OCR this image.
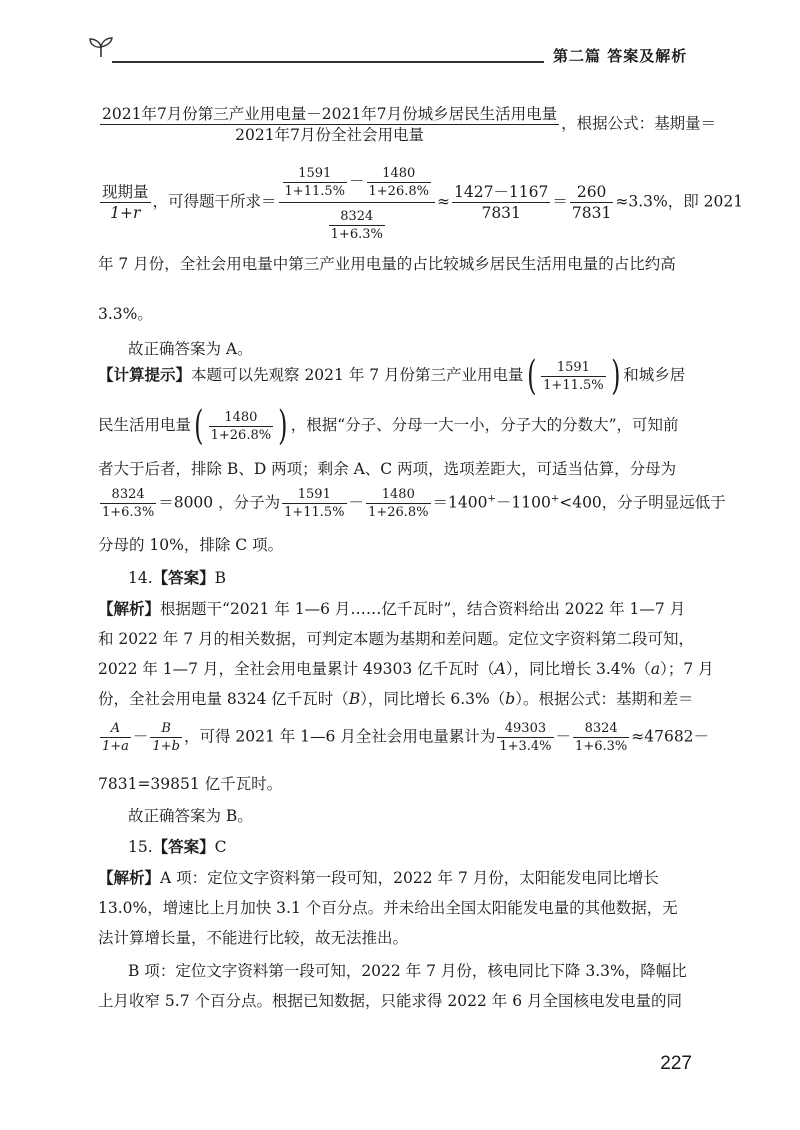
第二篇 答案及解析
$\frac{\text{2021年7月份第三产业用电量－2021年7月份城乡居民生活用电量}}{\text{2021年7月份全社会用电量}}$ ，根据公式：基期量＝
$\frac{\text{现期量}}{1+r}$ ，可得题干所求＝
$\frac{1591}{1+11.5\%} - \frac{1480}{1+26.8\%}$
$\frac{8324}{1+6.3\%}$
≈ $\frac{1427-1167}{7831} = \frac{260}{7831} \approx 3.3\%$，即 2021
年 7 月份，全社会用电量中第三产业用电量的占比较城乡居民生活用电量的占比约高
3.3%。
故正确答案为 A。
【计算提示】本题可以先观察 2021 年 7 月份第三产业用电量( $\frac{1591}{1+11.5\%}$ ) 和城乡居
民生活用电量( $\frac{1480}{1+26.8\%}$ ) ，根据“分子、分母一大一小，分子大的分数大”，可知前
者大于后者，排除 B、D 两项；剩余 A、C 两项，选项差距大，可适当估算，分母为
$\frac{8324}{1+6.3\%} =8000$ ，分子为 $\frac{1591}{1+11.5\%} - \frac{1480}{1+26.8\%} =1400^+-1100^+<400$，分子明显远低于
分母的 10%，排除 C 项。
14.【答案】B
【解析】根据题干“2021 年 1—6 月……亿千瓦时”，结合资料给出 2022 年 1—7 月
和 2022 年 7 月的相关数据，可判定本题为基期和差问题。定位文字资料第二段可知，
2022 年 1—7 月，全社会用电量累计 49303 亿千瓦时（A），同比增长 3.4%（a）；7 月
份，全社会用电量 8324 亿千瓦时（B），同比增长 6.3%（b）。根据公式：基期和差＝
$\frac{A}{1+a} - \frac{B}{1+b}$ ，可得 2021 年 1—6 月全社会用电量累计为 $\frac{49303}{1+3.4\%} - \frac{8324}{1+6.3\%} \approx 47682-$
7831=39851 亿千瓦时。
故正确答案为 B。
15.【答案】C
【解析】A 项：定位文字资料第一段可知，2022 年 7 月份，太阳能发电同比增长
13.0%，增速比上月加快 3.1 个百分点。并未给出全国太阳能发电量的其他数据，无
法计算增长量，不能进行比较，故无法推出。
B 项：定位文字资料第一段可知，2022 年 7 月份，核电同比下降 3.3%，降幅比
上月收窄 5.7 个百分点。根据已知数据，只能求得 2022 年 6 月全国核电发电量的同
227
